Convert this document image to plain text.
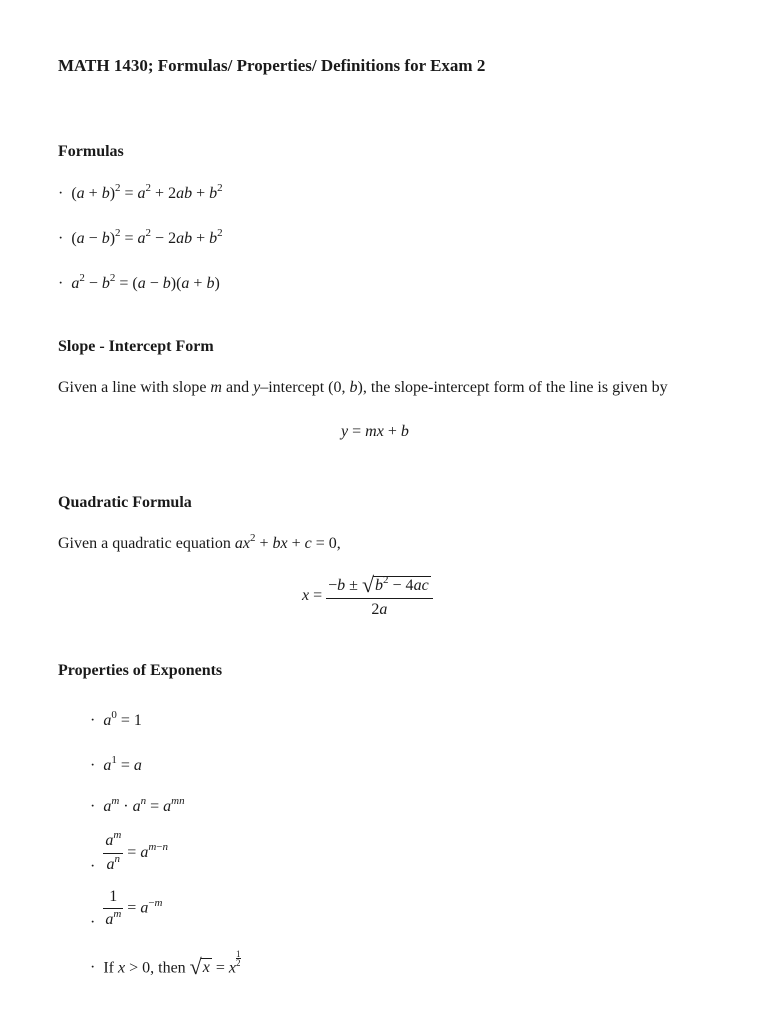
MATH 1430; Formulas/ Properties/ Definitions for Exam 2
Formulas
· $(a + b)^2 = a^2 + 2ab + b^2$
· $(a - b)^2 = a^2 - 2ab + b^2$
· $a^2 - b^2 = (a - b)(a + b)$
Slope - Intercept Form
Given a line with slope m and y–intercept (0, b), the slope-intercept form of the line is given by
y = mx + b
Quadratic Formula
Given a quadratic equation $ax^2$ + bx + c = 0,
$x = \frac{-b \pm √b^2 - 4ac}{2a}$
Properties of Exponents
· $a^0 = 1$
· $a^1 = a$
· $a^m \cdot a^n = a^{mn}$
· $\frac{a^m}{a^n} = a^{m-n}$
· $\frac{1}{a^m} = a^{-m}$
· If x > 0, then √x = x
$\frac{1}{2}$
